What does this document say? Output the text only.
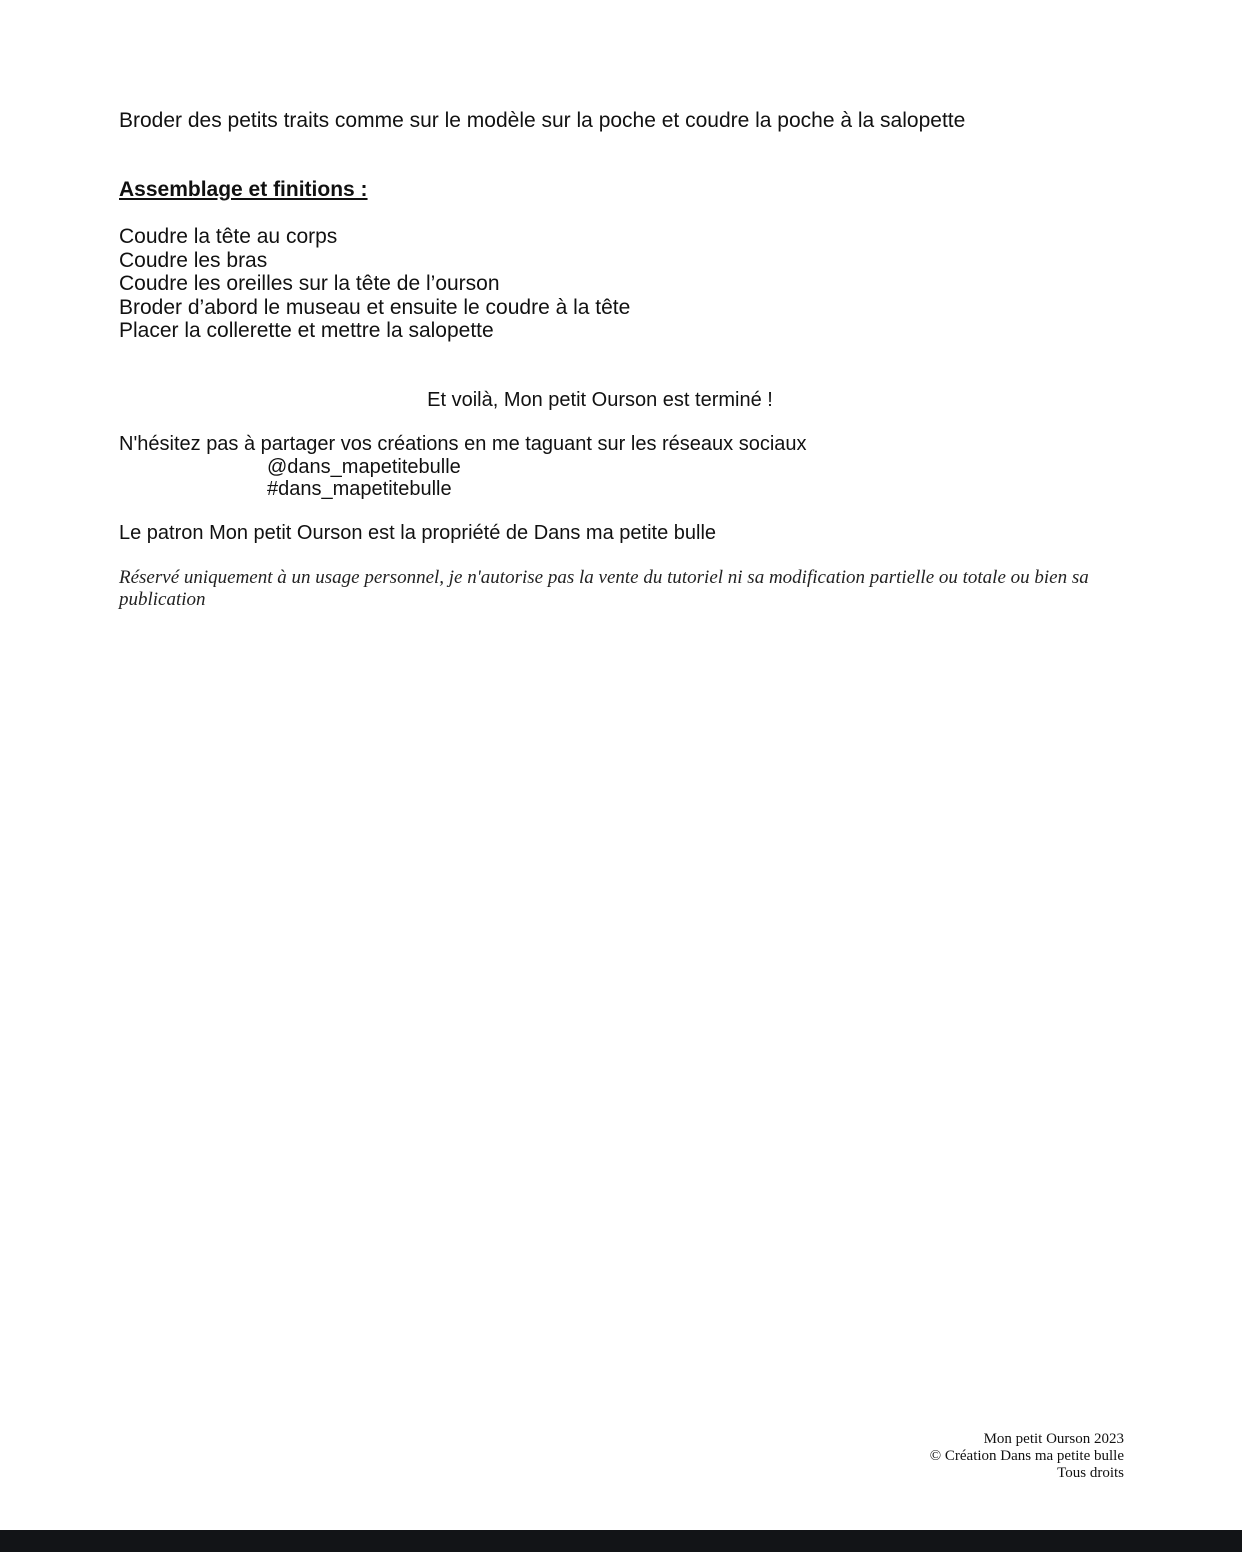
Broder des petits traits comme sur le modèle sur la poche et coudre la poche à la salopette
Assemblage et finitions :
Coudre la tête au corps
Coudre les bras
Coudre les oreilles sur la tête de l’ourson
Broder d’abord le museau et ensuite le coudre à la tête
Placer la collerette et mettre la salopette
Et voilà, Mon petit Ourson est terminé !
N'hésitez pas à partager vos créations en me taguant sur les réseaux sociaux
@dans_mapetitebulle
#dans_mapetitebulle
Le patron Mon petit Ourson est la propriété de Dans ma petite bulle
Réservé uniquement à un usage personnel, je n'autorise pas la vente du tutoriel ni sa modification partielle ou totale ou bien sa publication
Mon petit Ourson 2023
© Création Dans ma petite bulle
Tous droits
